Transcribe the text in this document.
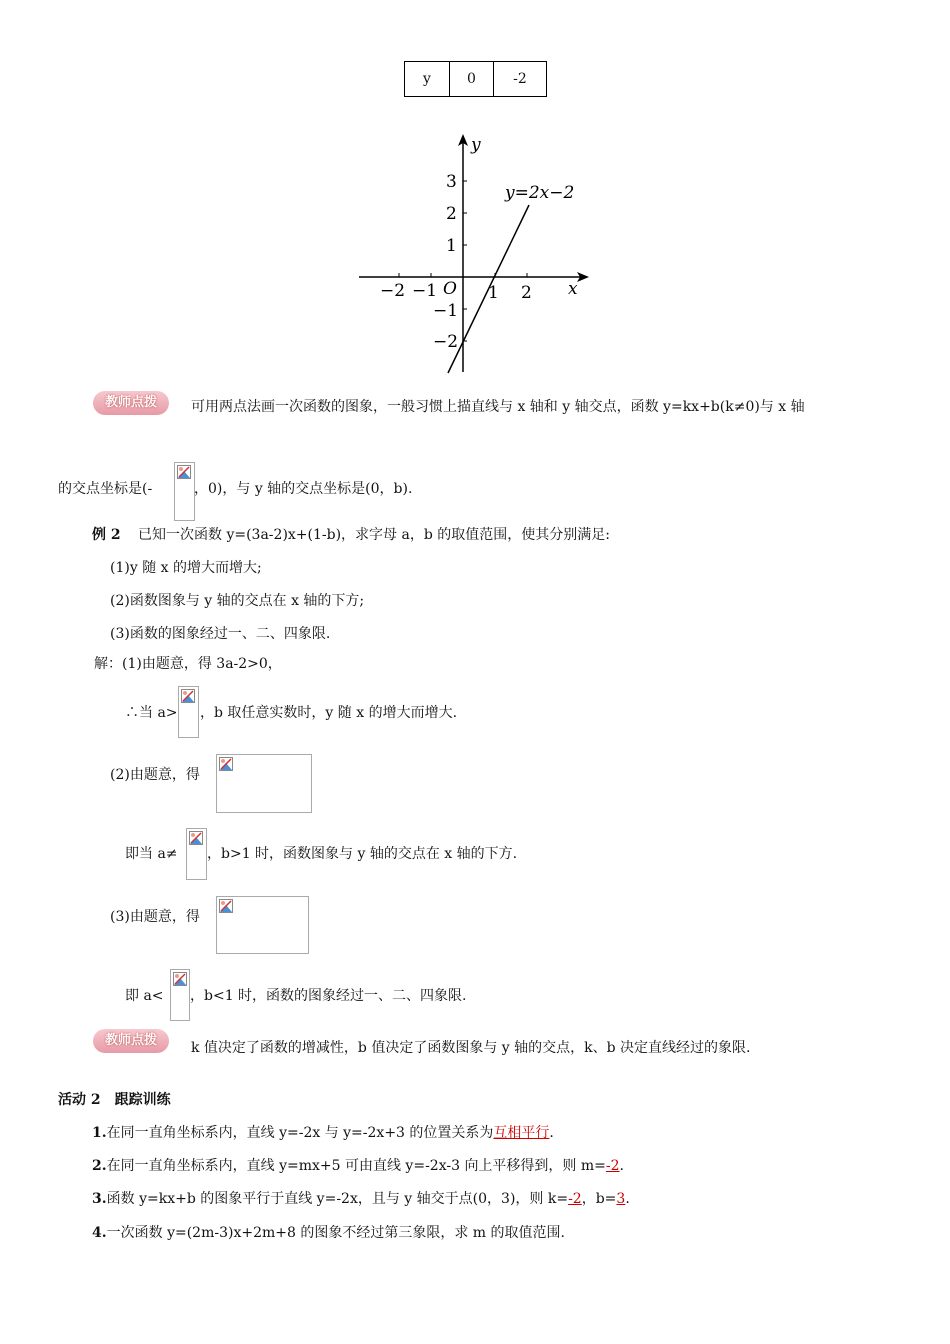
y	0	-2
y
x
O
y=2x−2
−2 −1	1 2
3
2
1
−1
−2
教师点拨	可用两点法画一次函数的图象，一般习惯上描直线与 x 轴和 y 轴交点，函数 y=kx+b(k≠0)与 x 轴
的交点坐标是(-	，0)，与 y 轴的交点坐标是(0，b).
例 2 已知一次函数 y=(3a-2)x+(1-b)，求字母 a，b 的取值范围，使其分别满足:
(1)y 随 x 的增大而增大;
(2)函数图象与 y 轴的交点在 x 轴的下方;
(3)函数的图象经过一、二、四象限.
解：(1)由题意，得 3a-2>0，
∴当 a> ，b 取任意实数时，y 随 x 的增大而增大.
(2)由题意，得
即当 a≠ ，b>1 时，函数图象与 y 轴的交点在 x 轴的下方.
(3)由题意，得
即 a< ，b<1 时，函数的图象经过一、二、四象限.
教师点拨	k 值决定了函数的增减性，b 值决定了函数图象与 y 轴的交点，k、b 决定直线经过的象限.
活动 2　跟踪训练
1.在同一直角坐标系内，直线 y=-2x 与 y=-2x+3 的位置关系为互相平行.
2.在同一直角坐标系内，直线 y=mx+5 可由直线 y=-2x-3 向上平移得到，则 m=-2.
3.函数 y=kx+b 的图象平行于直线 y=-2x，且与 y 轴交于点(0，3)，则 k=-2，b=3.
4.一次函数 y=(2m-3)x+2m+8 的图象不经过第三象限，求 m 的取值范围.
